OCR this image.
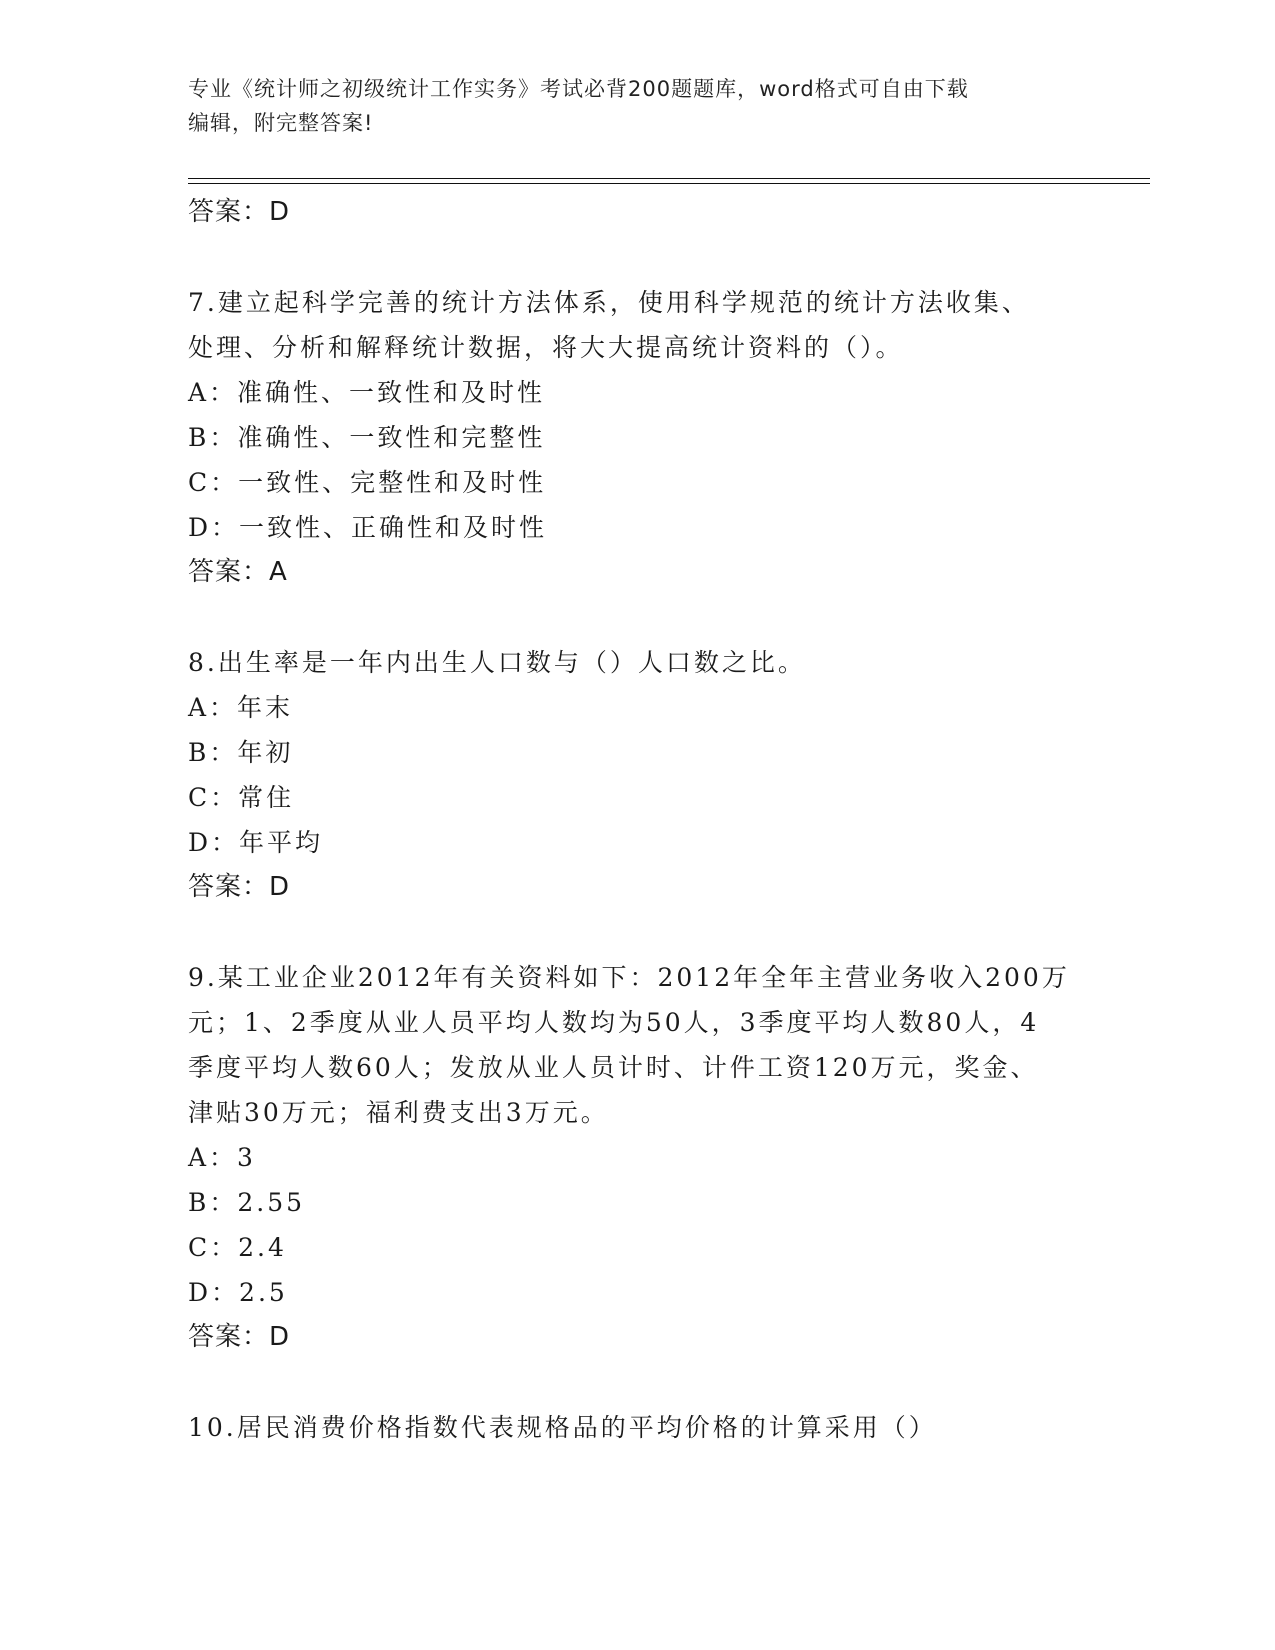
专业《统计师之初级统计工作实务》考试必背200题题库，word格式可自由下载
编辑，附完整答案!
答案：D
7.建立起科学完善的统计方法体系，使用科学规范的统计方法收集、
处理、分析和解释统计数据，将大大提高统计资料的（）。
A：准确性、一致性和及时性
B：准确性、一致性和完整性
C：一致性、完整性和及时性
D：一致性、正确性和及时性
答案：A
8.出生率是一年内出生人口数与（）人口数之比。
A：年末
B：年初
C：常住
D：年平均
答案：D
9.某工业企业2012年有关资料如下：2012年全年主营业务收入200万
元；1、2季度从业人员平均人数均为50人，3季度平均人数80人，4
季度平均人数60人；发放从业人员计时、计件工资120万元，奖金、
津贴30万元；福利费支出3万元。
A：3
B：2.55
C：2.4
D：2.5
答案：D
10.居民消费价格指数代表规格品的平均价格的计算采用（）
